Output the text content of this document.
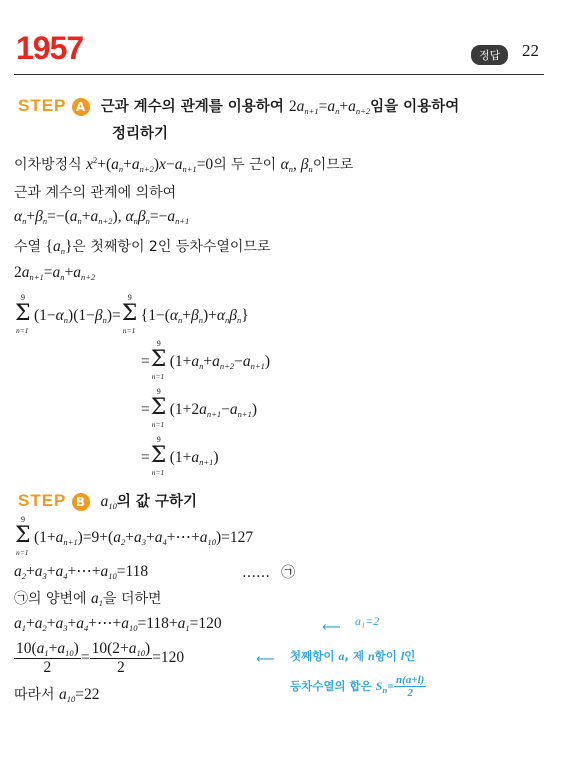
1957	정답	22
STEP A 근과 계수의 관계를 이용하여 $2a_{n+1}=a_n+a_{n+2}$임을 이용하여
정리하기
이차방정식 $x^2+(a_n+a_{n+2})x-a_{n+1}=0$의 두 근이 $\alpha_n$, $\beta_n$이므로
근과 계수의 관계에 의하여
$\alpha_n+\beta_n=-(a_n+a_{n+2})$, $\alpha_n\beta_n=-a_{n+1}$
수열 $\{a_n\}$은 첫째항이 2인 등차수열이므로
$2a_{n+1}=a_n+a_{n+2}$
9
Σ
n=1
$(1-\alpha_n)(1-\beta_n)=$
9
Σ
n=1
$\{1-(\alpha_n+\beta_n)+\alpha_n\beta_n\}$
=
9
Σ
n=1
$(1+a_n+a_{n+2}-a_{n+1})$
=
9
Σ
n=1
$(1+2a_{n+1}-a_{n+1})$
=
9
Σ
n=1
$(1+a_{n+1})$
STEP B $a_{10}$의 값 구하기
9
Σ
n=1
$(1+a_{n+1})=9+(a_2+a_3+a_4+\cdots+a_{10})=127$
$a_2+a_3+a_4+\cdots+a_{10}=118$	…… ㉠
㉠의 양변에 $a_1$을 더하면
$a_1+a_2+a_3+a_4+\cdots+a_{10}=118+a_1=120$	⟵ a₁=2
$\frac{10(a_1+a_{10})}{2} = \frac{10(2+a_{10})}{2} =120$	⟵ 첫째항이 a, 제 n항이 l인
등차수열의 합은 $S_n= \frac{n(a+l)}{2}$
따라서 $a_{10}=22$
